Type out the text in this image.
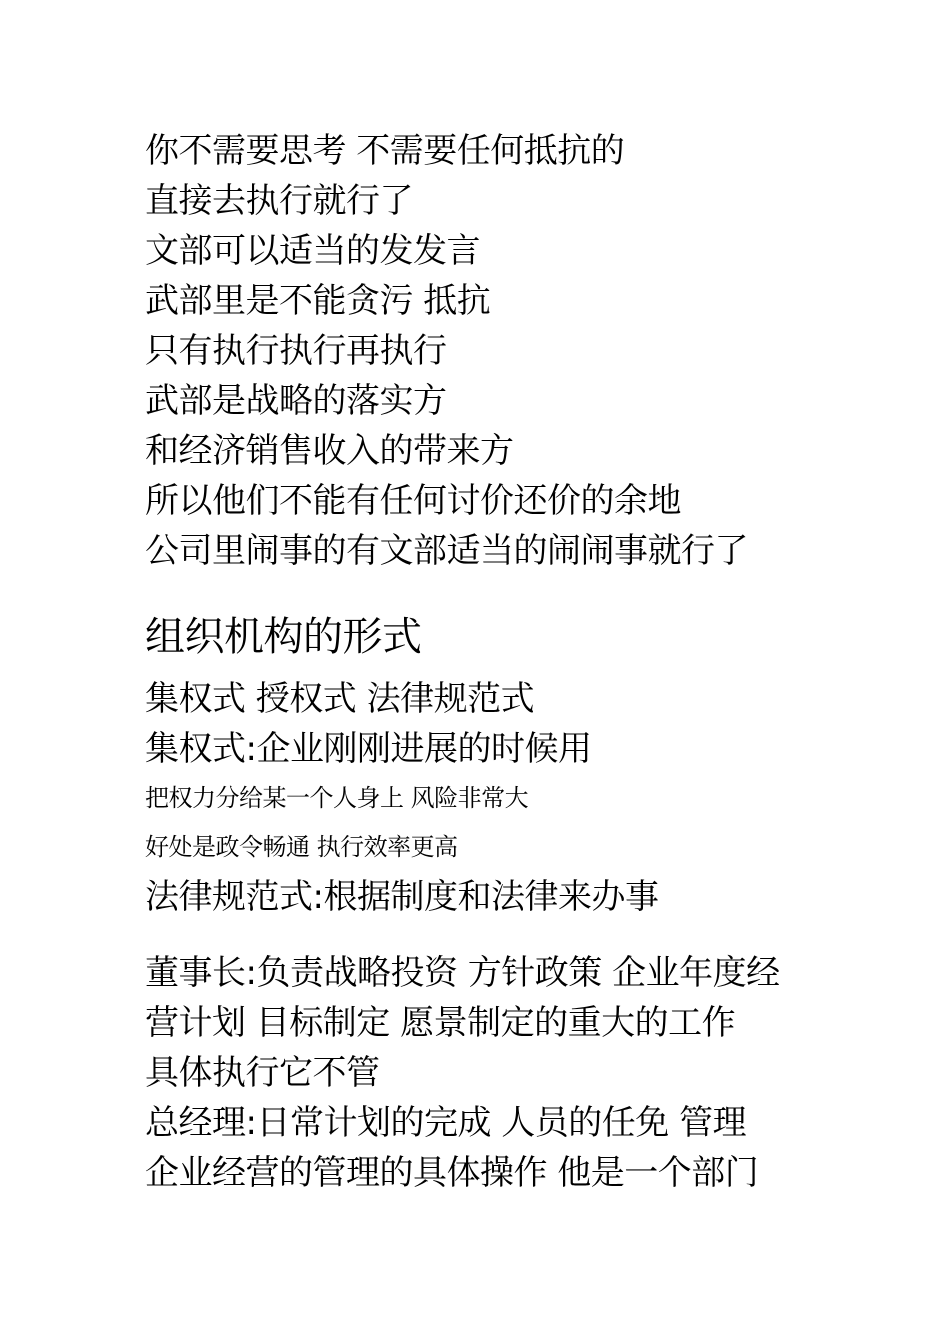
你不需要思考 不需要任何抵抗的
直接去执行就行了
文部可以适当的发发言
武部里是不能贪污 抵抗
只有执行执行再执行
武部是战略的落实方
和经济销售收入的带来方
所以他们不能有任何讨价还价的余地
公司里闹事的有文部适当的闹闹事就行了
组织机构的形式
集权式 授权式 法律规范式
集权式:企业刚刚进展的时候用
把权力分给某一个人身上 风险非常大
好处是政令畅通 执行效率更高
法律规范式:根据制度和法律来办事
董事长:负责战略投资 方针政策 企业年度经
营计划 目标制定 愿景制定的重大的工作
具体执行它不管
总经理:日常计划的完成 人员的任免 管理
企业经营的管理的具体操作 他是一个部门
